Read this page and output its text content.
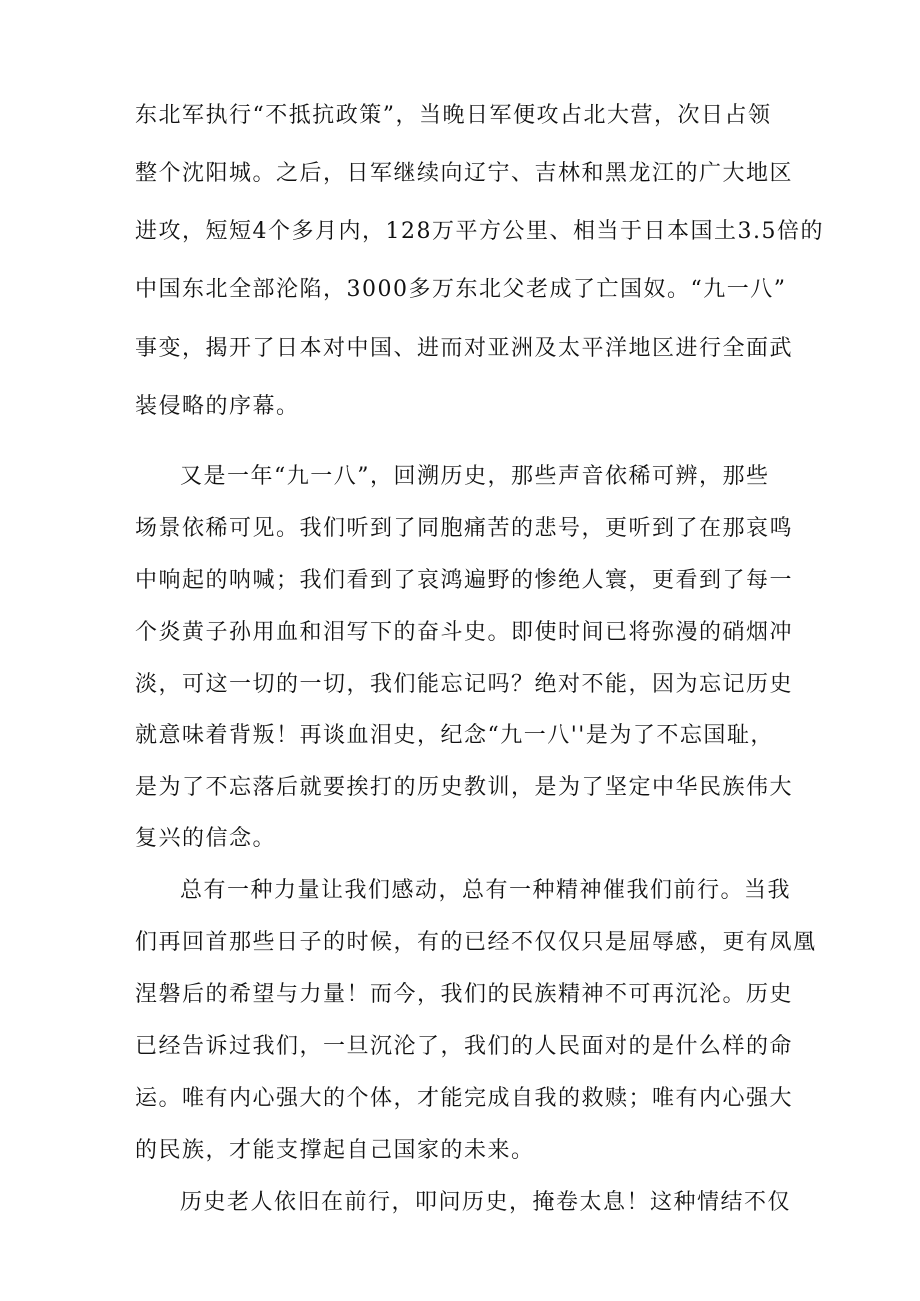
东北军执行“不抵抗政策”，当晚日军便攻占北大营，次日占领
整个沈阳城。之后，日军继续向辽宁、吉林和黑龙江的广大地区
进攻，短短4个多月内，128万平方公里、相当于日本国土3.5倍的
中国东北全部沦陷，3000多万东北父老成了亡国奴。“九一八”
事变，揭开了日本对中国、进而对亚洲及太平洋地区进行全面武
装侵略的序幕。
又是一年“九一八”，回溯历史，那些声音依稀可辨，那些
场景依稀可见。我们听到了同胞痛苦的悲号，更听到了在那哀鸣
中响起的呐喊；我们看到了哀鸿遍野的惨绝人寰，更看到了每一
个炎黄子孙用血和泪写下的奋斗史。即使时间已将弥漫的硝烟冲
淡，可这一切的一切，我们能忘记吗？绝对不能，因为忘记历史
就意味着背叛！再谈血泪史，纪念“九一八''是为了不忘国耻，
是为了不忘落后就要挨打的历史教训，是为了坚定中华民族伟大
复兴的信念。
总有一种力量让我们感动，总有一种精神催我们前行。当我
们再回首那些日子的时候，有的已经不仅仅只是屈辱感，更有凤凰
涅磐后的希望与力量！而今，我们的民族精神不可再沉沦。历史
已经告诉过我们，一旦沉沦了，我们的人民面对的是什么样的命
运。唯有内心强大的个体，才能完成自我的救赎；唯有内心强大
的民族，才能支撑起自己国家的未来。
历史老人依旧在前行，叩问历史，掩卷太息！这种情结不仅
